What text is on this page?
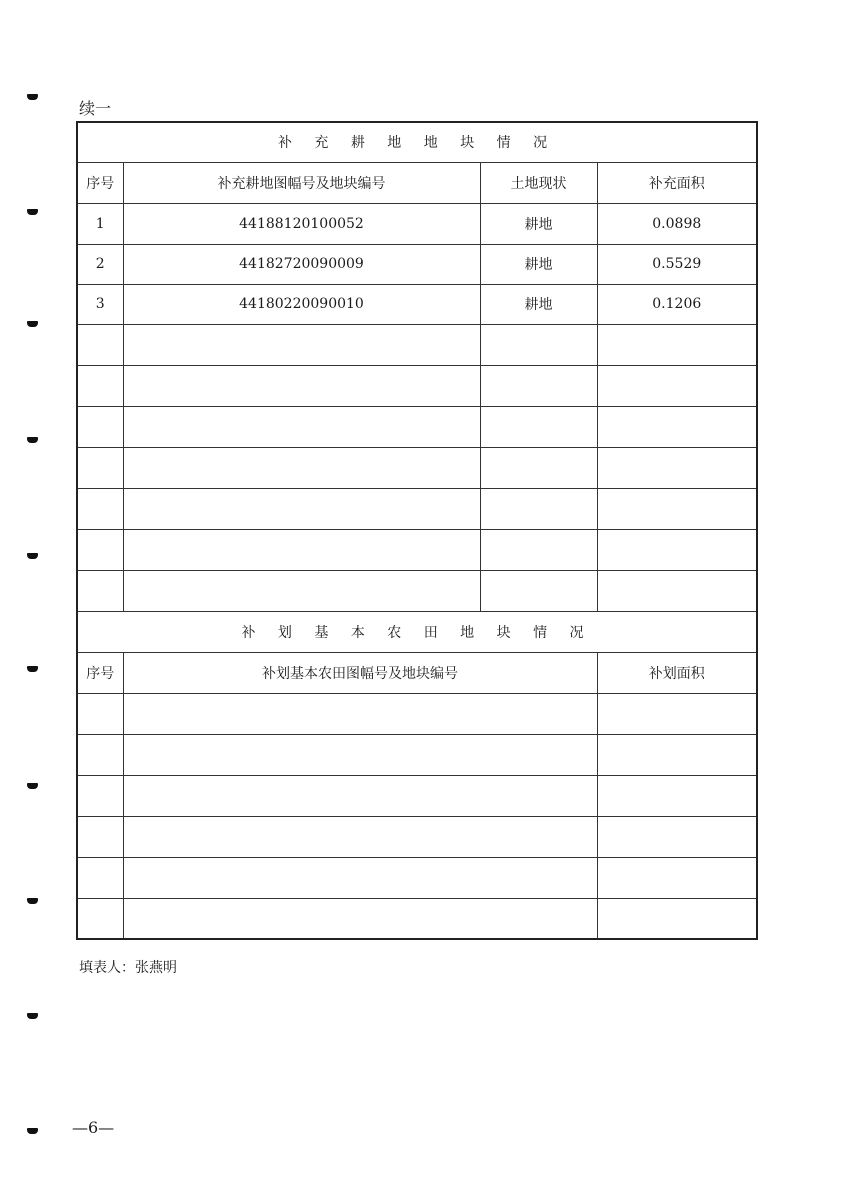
续一
补 充 耕 地 地 块 情 况			
序号	补充耕地图幅号及地块编号	土地现状	补充面积
1	44188120100052	耕地	0.0898
2	44182720090009	耕地	0.5529
3	44180220090010	耕地	0.1206

补 划 基 本 农 田 地 块 情 况			
序号	补划基本农田图幅号及地块编号		补划面积

填表人：张燕明
—6—
